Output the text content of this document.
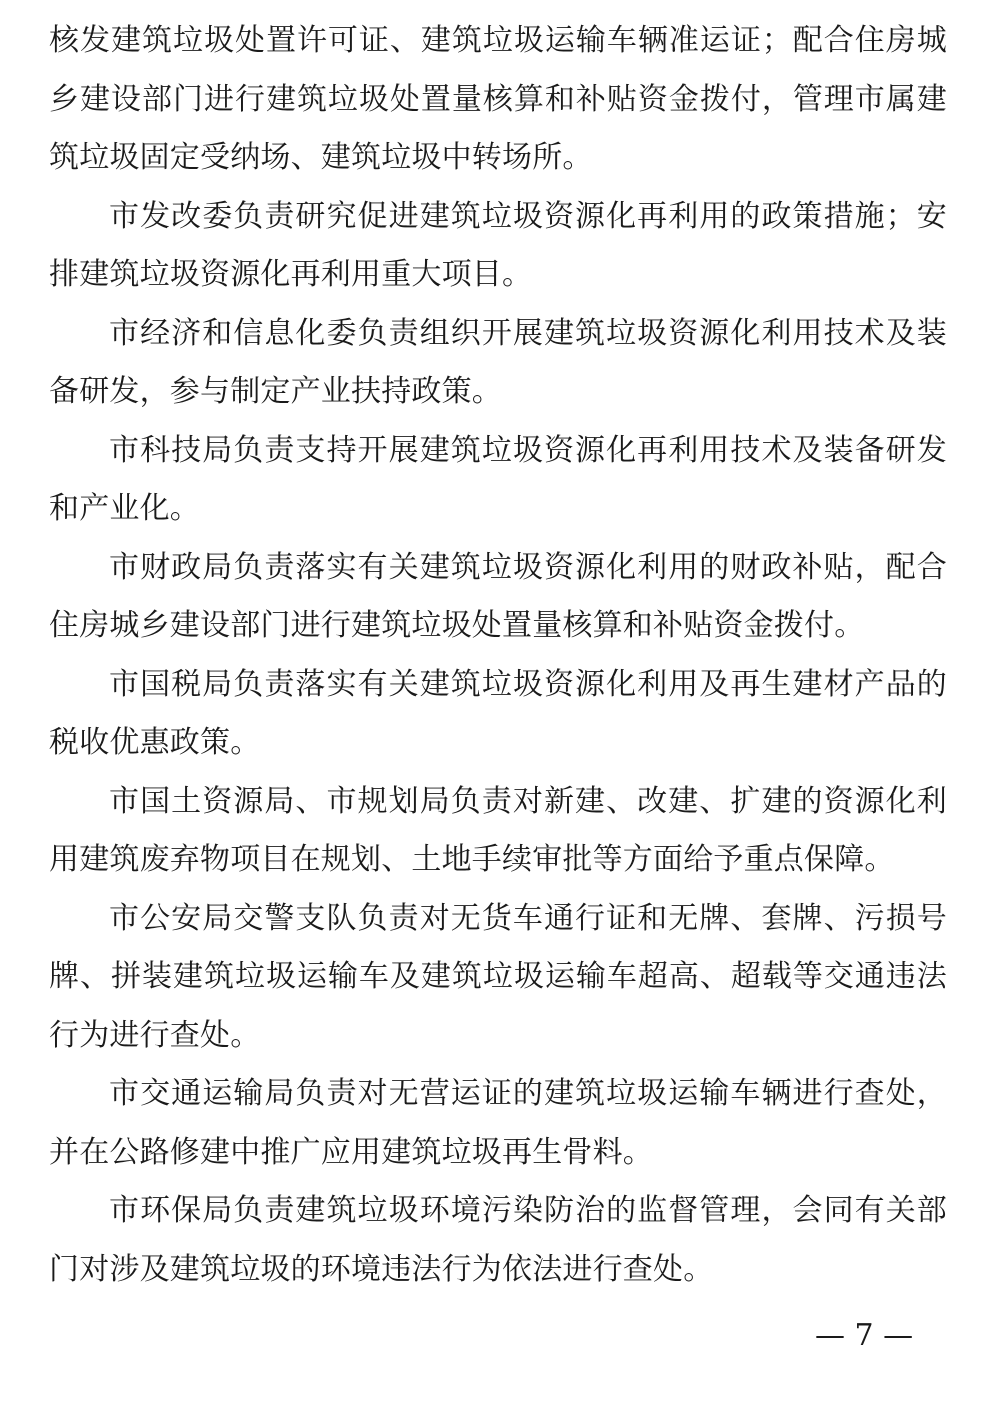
核发建筑垃圾处置许可证、建筑垃圾运输车辆准运证；配合住房城乡建设部门进行建筑垃圾处置量核算和补贴资金拨付，管理市属建筑垃圾固定受纳场、建筑垃圾中转场所。

市发改委负责研究促进建筑垃圾资源化再利用的政策措施；安排建筑垃圾资源化再利用重大项目。

市经济和信息化委负责组织开展建筑垃圾资源化利用技术及装备研发，参与制定产业扶持政策。

市科技局负责支持开展建筑垃圾资源化再利用技术及装备研发和产业化。

市财政局负责落实有关建筑垃圾资源化利用的财政补贴，配合住房城乡建设部门进行建筑垃圾处置量核算和补贴资金拨付。

市国税局负责落实有关建筑垃圾资源化利用及再生建材产品的税收优惠政策。

市国土资源局、市规划局负责对新建、改建、扩建的资源化利用建筑废弃物项目在规划、土地手续审批等方面给予重点保障。

市公安局交警支队负责对无货车通行证和无牌、套牌、污损号牌、拼装建筑垃圾运输车及建筑垃圾运输车超高、超载等交通违法行为进行查处。

市交通运输局负责对无营运证的建筑垃圾运输车辆进行查处，并在公路修建中推广应用建筑垃圾再生骨料。

市环保局负责建筑垃圾环境污染防治的监督管理，会同有关部门对涉及建筑垃圾的环境违法行为依法进行查处。

— 7 —
